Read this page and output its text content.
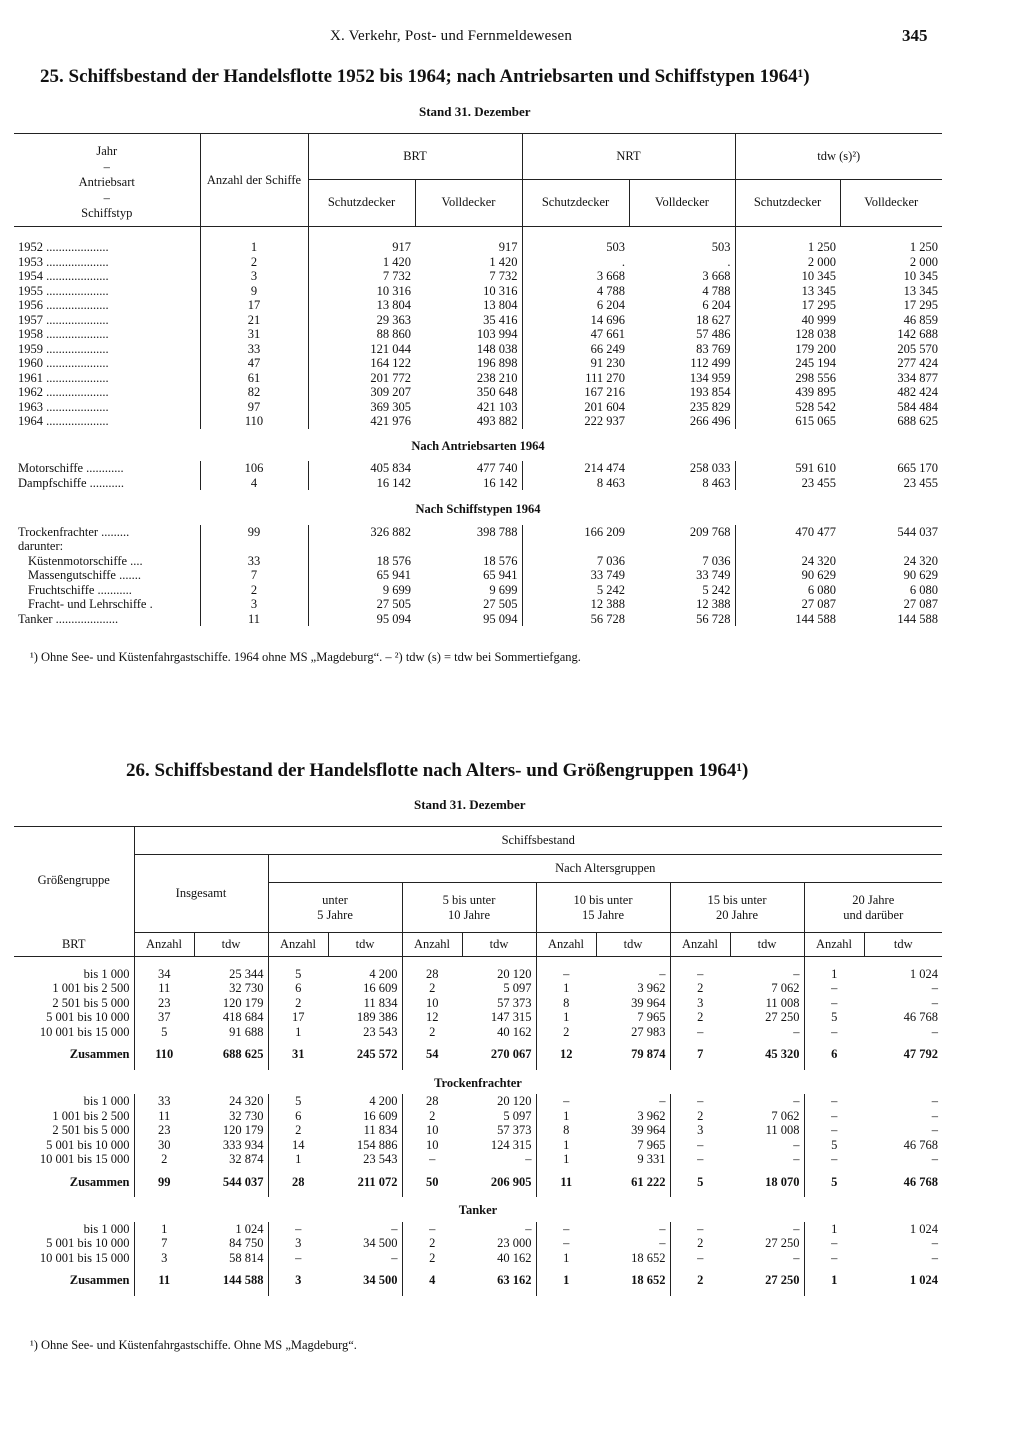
X. Verkehr, Post- und Fernmeldewesen	345
25. Schiffsbestand der Handelsflotte 1952 bis 1964; nach Antriebsarten und Schiffstypen 1964¹)
Stand 31. Dezember
Jahr
–
Antriebsart
–
Schiffstyp	Anzahl der Schiffe	BRT		NRT		tdw (s)²)	
		Schutzdecker	Volldecker	Schutzdecker	Volldecker	Schutzdecker	Volldecker

1952 ....................	1	917	917	503	503	1 250	1 250
1953 ....................	2	1 420	1 420	.	.	2 000	2 000
1954 ....................	3	7 732	7 732	3 668	3 668	10 345	10 345
1955 ....................	9	10 316	10 316	4 788	4 788	13 345	13 345
1956 ....................	17	13 804	13 804	6 204	6 204	17 295	17 295
1957 ....................	21	29 363	35 416	14 696	18 627	40 999	46 859
1958 ....................	31	88 860	103 994	47 661	57 486	128 038	142 688
1959 ....................	33	121 044	148 038	66 249	83 769	179 200	205 570
1960 ....................	47	164 122	196 898	91 230	112 499	245 194	277 424
1961 ....................	61	201 772	238 210	111 270	134 959	298 556	334 877
1962 ....................	82	309 207	350 648	167 216	193 854	439 895	482 424
1963 ....................	97	369 305	421 103	201 604	235 829	528 542	584 484
1964 ....................	110	421 976	493 882	222 937	266 496	615 065	688 625
Nach Antriebsarten 1964							
Motorschiffe ............	106	405 834	477 740	214 474	258 033	591 610	665 170
Dampfschiffe ...........	4	16 142	16 142	8 463	8 463	23 455	23 455
Nach Schiffstypen 1964							
Trockenfrachter .........	99	326 882	398 788	166 209	209 768	470 477	544 037
darunter:							
Küstenmotorschiffe ....	33	18 576	18 576	7 036	7 036	24 320	24 320
Massengutschiffe .......	7	65 941	65 941	33 749	33 749	90 629	90 629
Fruchtschiffe ...........	2	9 699	9 699	5 242	5 242	6 080	6 080
Fracht- und Lehrschiffe .	3	27 505	27 505	12 388	12 388	27 087	27 087
Tanker ....................	11	95 094	95 094	56 728	56 728	144 588	144 588
¹) Ohne See- und Küstenfahrgastschiffe. 1964 ohne MS „Magdeburg“. – ²) tdw (s) = tdw bei Sommertiefgang.
26. Schiffsbestand der Handelsflotte nach Alters- und Größengruppen 1964¹)
Stand 31. Dezember
Größengruppe	Schiffsbestand											
	Insgesamt		Nach Altersgruppen									
			unter
5 Jahre		5 bis unter
10 Jahre		10 bis unter
15 Jahre		15 bis unter
20 Jahre		20 Jahre
und darüber	
BRT	Anzahl	tdw	Anzahl	tdw	Anzahl	tdw	Anzahl	tdw	Anzahl	tdw	Anzahl	tdw

bis 1 000	34	25 344	5	4 200	28	20 120	–	–	–	–	1	1 024
1 001 bis 2 500	11	32 730	6	16 609	2	5 097	1	3 962	2	7 062	–	–
2 501 bis 5 000	23	120 179	2	11 834	10	57 373	8	39 964	3	11 008	–	–
5 001 bis 10 000	37	418 684	17	189 386	12	147 315	1	7 965	2	27 250	5	46 768
10 001 bis 15 000	5	91 688	1	23 543	2	40 162	2	27 983	–	–	–	–
Zusammen	110	688 625	31	245 572	54	270 067	12	79 874	7	45 320	6	47 792
Trockenfrachter												
bis 1 000	33	24 320	5	4 200	28	20 120	–	–	–	–	–	–
1 001 bis 2 500	11	32 730	6	16 609	2	5 097	1	3 962	2	7 062	–	–
2 501 bis 5 000	23	120 179	2	11 834	10	57 373	8	39 964	3	11 008	–	–
5 001 bis 10 000	30	333 934	14	154 886	10	124 315	1	7 965	–	–	5	46 768
10 001 bis 15 000	2	32 874	1	23 543	–	–	1	9 331	–	–	–	–
Zusammen	99	544 037	28	211 072	50	206 905	11	61 222	5	18 070	5	46 768
Tanker												
bis 1 000	1	1 024	–	–	–	–	–	–	–	–	1	1 024
5 001 bis 10 000	7	84 750	3	34 500	2	23 000	–	–	2	27 250	–	–
10 001 bis 15 000	3	58 814	–	–	2	40 162	1	18 652	–	–	–	–
Zusammen	11	144 588	3	34 500	4	63 162	1	18 652	2	27 250	1	1 024
¹) Ohne See- und Küstenfahrgastschiffe. Ohne MS „Magdeburg“.
